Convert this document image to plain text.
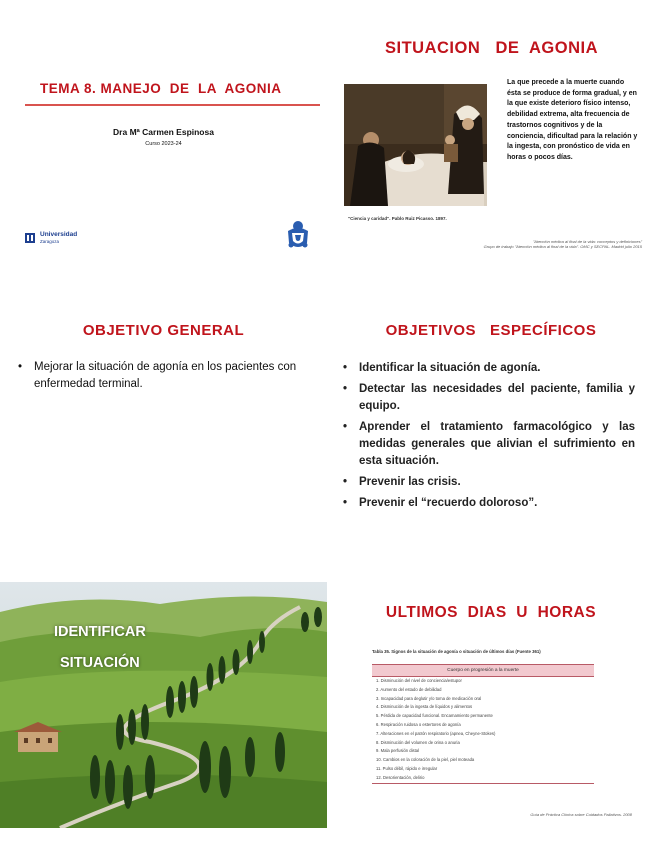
TEMA 8. MANEJO  DE  LA  AGONIA
Dra Mª Carmen Espinosa
Curso 2023-24
Universidad
Zaragoza
SITUACION   DE  AGONIA
"Ciencia y caridad". Pablo Ruiz Picasso. 1897.
La que precede a la muerte cuando ésta se produce de forma gradual, y en la que existe deterioro físico intenso, debilidad extrema, alta frecuencia de trastornos cognitivos y de la conciencia, dificultad para la relación y la ingesta, con pronóstico de vida en horas o pocos días.
"Atención médica al final de la vida: conceptos y definiciones"
Grupo de trabajo "Atención médica al final de la vida". OMC y SECPAL. Madrid julio 2015
OBJETIVO GENERAL
• Mejorar la situación de agonía en los pacientes con enfermedad terminal.
OBJETIVOS   ESPECÍFICOS
• Identificar la situación de agonía.
• Detectar las necesidades del paciente, familia y equipo.
• Aprender el tratamiento farmacológico y las medidas generales que alivian el sufrimiento en esta situación.
• Prevenir las crisis.
• Prevenir el “recuerdo doloroso”.
IDENTIFICAR
SITUACIÓN
ULTIMOS  DIAS  U  HORAS
Tabla 35. Signos de la situación de agonía o situación de últimos días (Fuente 361)
Cuerpo en progresión a la muerte
1. Disminución del nivel de conciencia/estupor
2. Aumento del estado de debilidad
3. Incapacidad para deglutir y/o toma de medicación oral
4. Disminución de la ingesta de líquidos y alimentos
5. Pérdida de capacidad funcional. Encamamiento permanente
6. Respiración ruidosa o estertores de agonía
7. Alteraciones en el patrón respiratorio (apnea, Cheyne-Stokes)
8. Disminución del volumen de orina o anuria
9. Mala perfusión distal
10. Cambios en la coloración de la piel, piel moteada
11. Pulso débil, rápido e irregular
12. Desorientación, delirio
Guía de Práctica Clínica sobre Cuidados Paliativos. 2008
